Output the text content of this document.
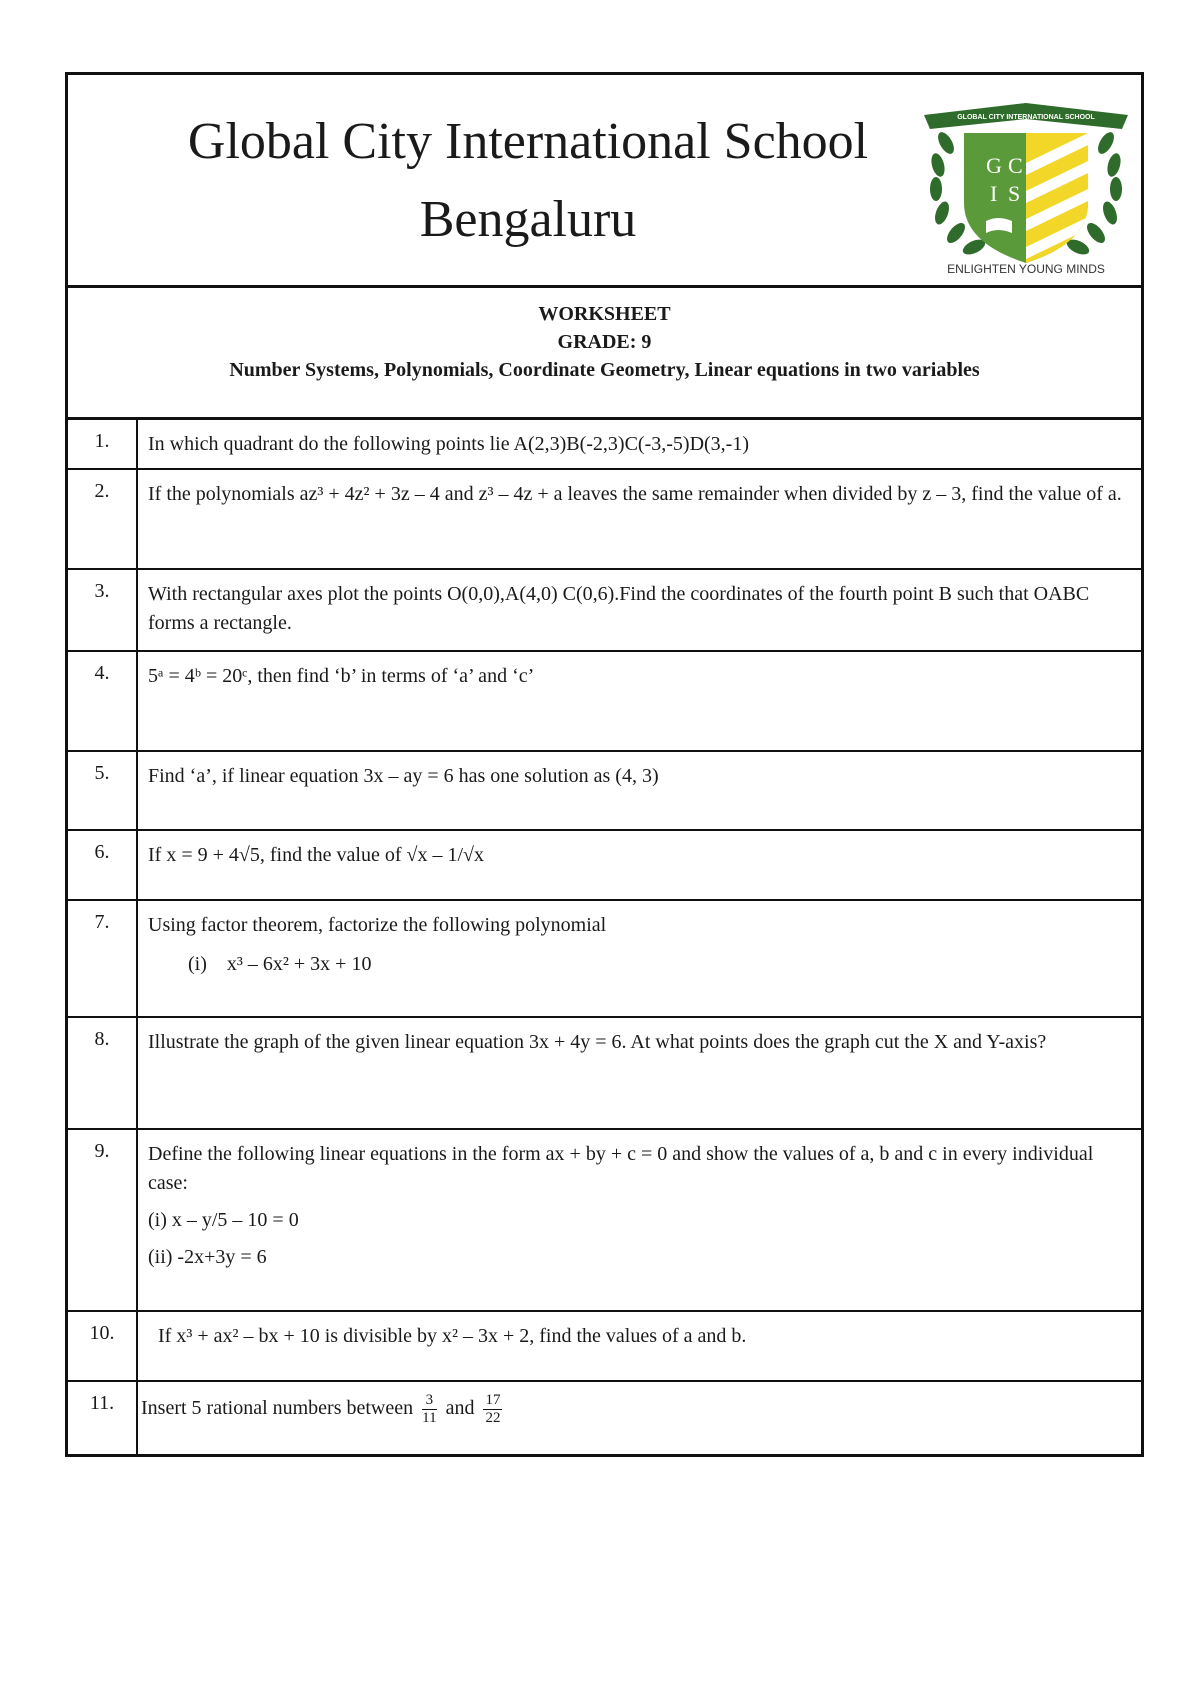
Global City International School
Bengaluru
GLOBAL CITY INTERNATIONAL SCHOOL
G C
I S
ENLIGHTEN YOUNG MINDS
WORKSHEET
GRADE: 9
Number Systems, Polynomials, Coordinate Geometry, Linear equations in two variables
1.	In which quadrant do the following points lie A(2,3)B(-2,3)C(-3,-5)D(3,-1)
2.	If the polynomials az³ + 4z² + 3z – 4 and z³ – 4z + a leaves the same remainder when divided by z – 3, find the value of a.
3.	With rectangular axes plot the points O(0,0),A(4,0) C(0,6).Find the coordinates of the fourth point B such that OABC forms a rectangle.
4.	5ᵃ = 4ᵇ = 20ᶜ, then find ‘b’ in terms of ‘a’ and ‘c’
5.	Find ‘a’, if linear equation 3x – ay = 6 has one solution as (4, 3)
6.	If x = 9 + 4√5, find the value of √x – 1/√x
7.	Using factor theorem, factorize the following polynomial
(i) x³ – 6x² + 3x + 10
8.	Illustrate the graph of the given linear equation 3x + 4y = 6. At what points does the graph cut the X and Y-axis?
9.	Define the following linear equations in the form ax + by + c = 0 and show the values of a, b and c in every individual case:
(i) x – y/5 – 10 = 0
(ii) -2x+3y = 6
10.	If x³ + ax² – bx + 10 is divisible by x² – 3x + 2, find the values of a and b.
11.	Insert 5 rational numbers between $\frac{3}{11}$ and $\frac{17}{22}$
